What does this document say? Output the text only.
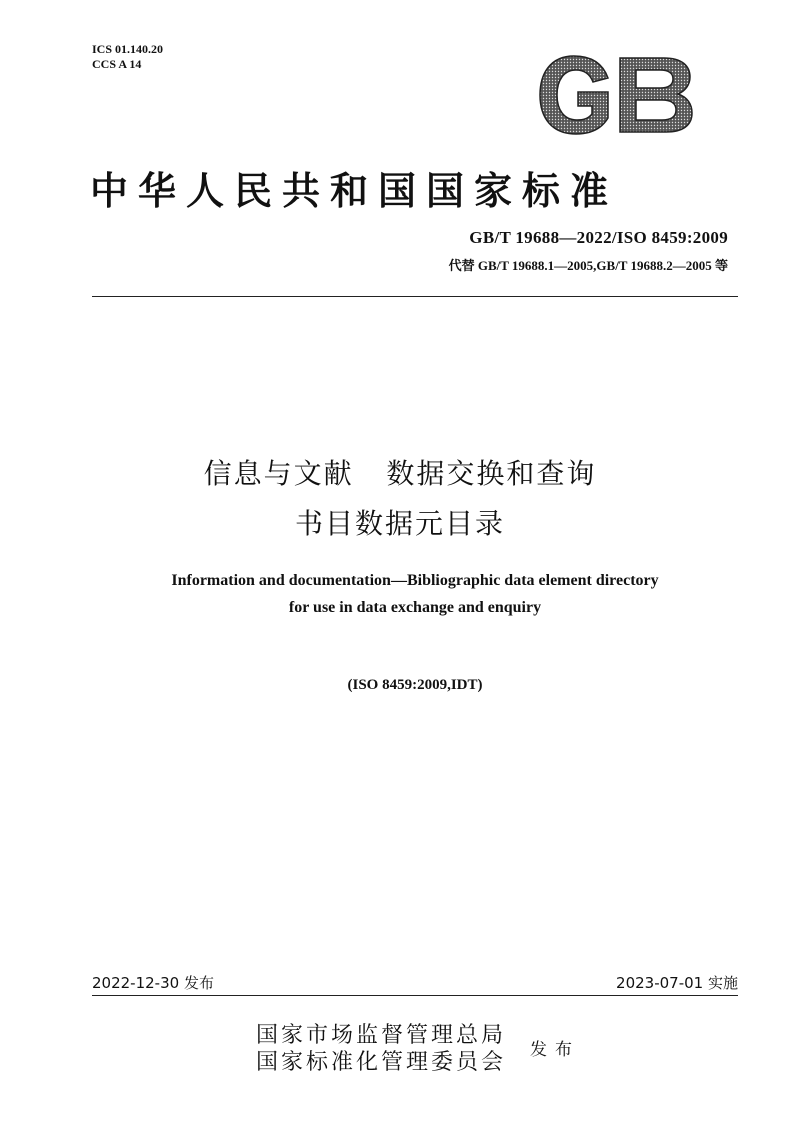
ICS 01.140.20
CCS A 14
中华人民共和国国家标准
GB/T 19688—2022/ISO 8459:2009
代替 GB/T 19688.1—2005,GB/T 19688.2—2005 等
信息与文献   数据交换和查询
书目数据元目录
Information and documentation—Bibliographic data element directory
for use in data exchange and enquiry
(ISO 8459:2009,IDT)
2022-12-30 发布	2023-07-01 实施
国家市场监督管理总局
国家标准化管理委员会 发布
